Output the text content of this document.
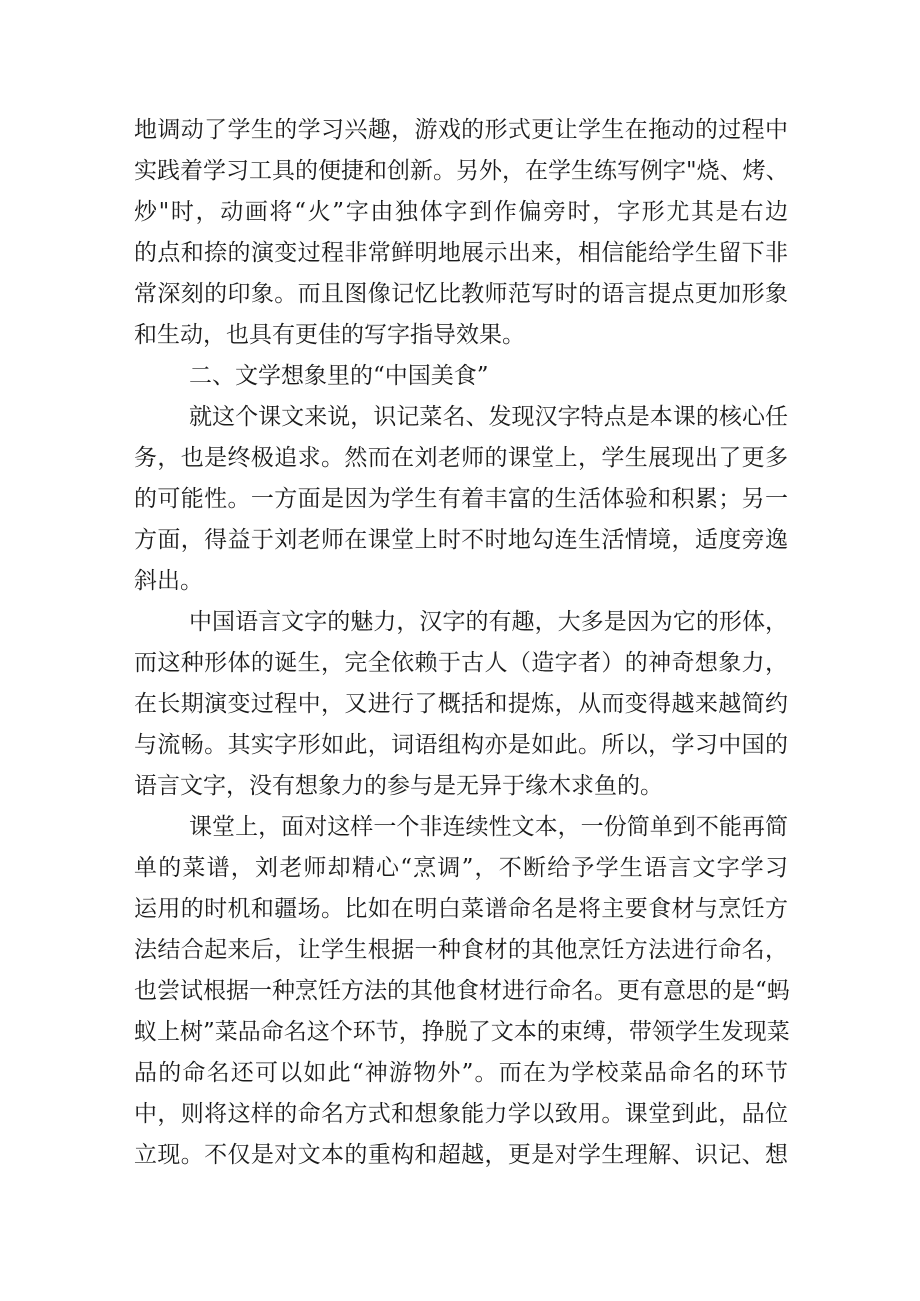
地调动了学生的学习兴趣，游戏的形式更让学生在拖动的过程中
实践着学习工具的便捷和创新。另外，在学生练写例字"烧、烤、
炒"时，动画将“火”字由独体字到作偏旁时，字形尤其是右边
的点和捺的演变过程非常鲜明地展示出来，相信能给学生留下非
常深刻的印象。而且图像记忆比教师范写时的语言提点更加形象
和生动，也具有更佳的写字指导效果。
二、文学想象里的“中国美食”
就这个课文来说，识记菜名、发现汉字特点是本课的核心任
务，也是终极追求。然而在刘老师的课堂上，学生展现出了更多
的可能性。一方面是因为学生有着丰富的生活体验和积累；另一
方面，得益于刘老师在课堂上时不时地勾连生活情境，适度旁逸
斜出。
中国语言文字的魅力，汉字的有趣，大多是因为它的形体，
而这种形体的诞生，完全依赖于古人（造字者）的神奇想象力，
在长期演变过程中，又进行了概括和提炼，从而变得越来越简约
与流畅。其实字形如此，词语组构亦是如此。所以，学习中国的
语言文字，没有想象力的参与是无异于缘木求鱼的。
课堂上，面对这样一个非连续性文本，一份简单到不能再简
单的菜谱，刘老师却精心“烹调”，不断给予学生语言文字学习
运用的时机和疆场。比如在明白菜谱命名是将主要食材与烹饪方
法结合起来后，让学生根据一种食材的其他烹饪方法进行命名，
也尝试根据一种烹饪方法的其他食材进行命名。更有意思的是“蚂
蚁上树”菜品命名这个环节，挣脱了文本的束缚，带领学生发现菜
品的命名还可以如此“神游物外”。而在为学校菜品命名的环节
中，则将这样的命名方式和想象能力学以致用。课堂到此，品位
立现。不仅是对文本的重构和超越，更是对学生理解、识记、想
